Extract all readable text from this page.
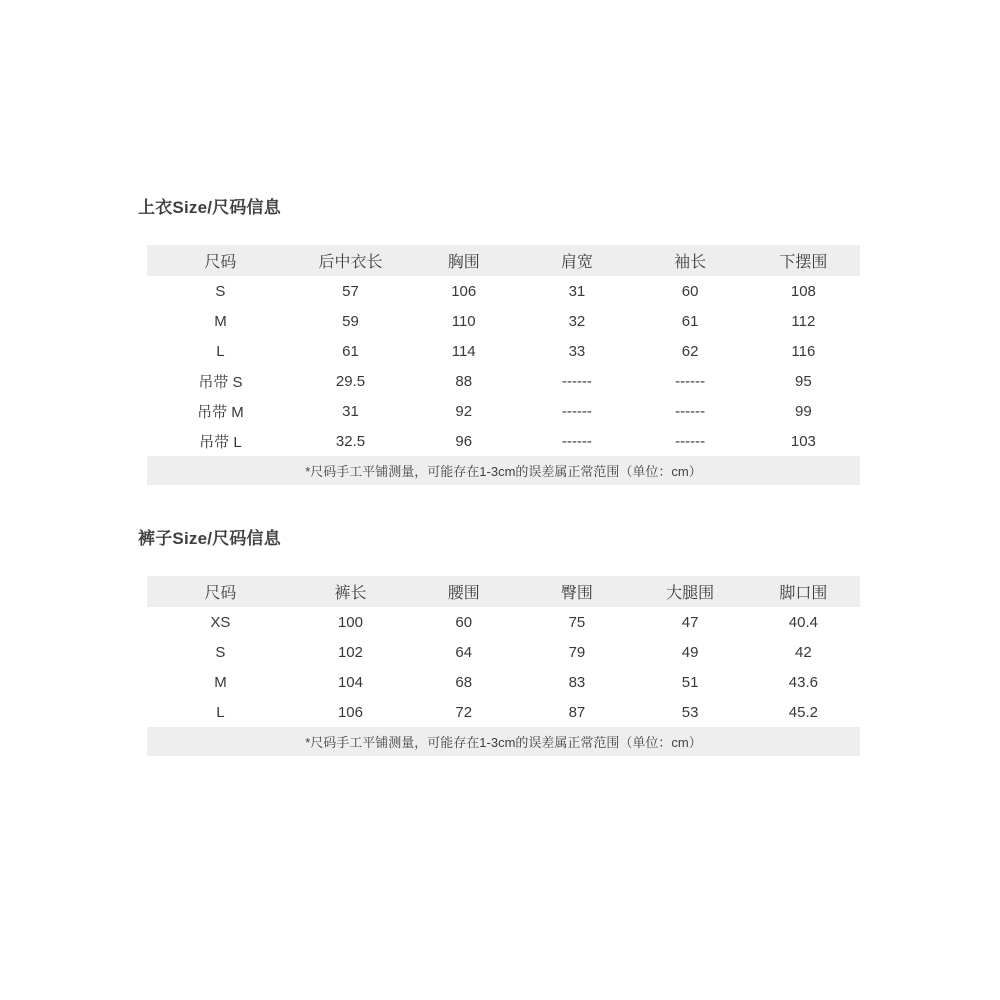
上衣Size/尺码信息
尺码	后中衣长	胸围	肩宽	袖长	下摆围
S	57	106	31	60	108
M	59	110	32	61	112
L	61	114	33	62	116
吊带 S	29.5	88	------	------	95
吊带 M	31	92	------	------	99
吊带 L	32.5	96	------	------	103
*尺码手工平铺测量，可能存在1-3cm的误差属正常范围（单位：cm）					
裤子Size/尺码信息
尺码	裤长	腰围	臀围	大腿围	脚口围
XS	100	60	75	47	40.4
S	102	64	79	49	42
M	104	68	83	51	43.6
L	106	72	87	53	45.2
*尺码手工平铺测量，可能存在1-3cm的误差属正常范围（单位：cm）					
